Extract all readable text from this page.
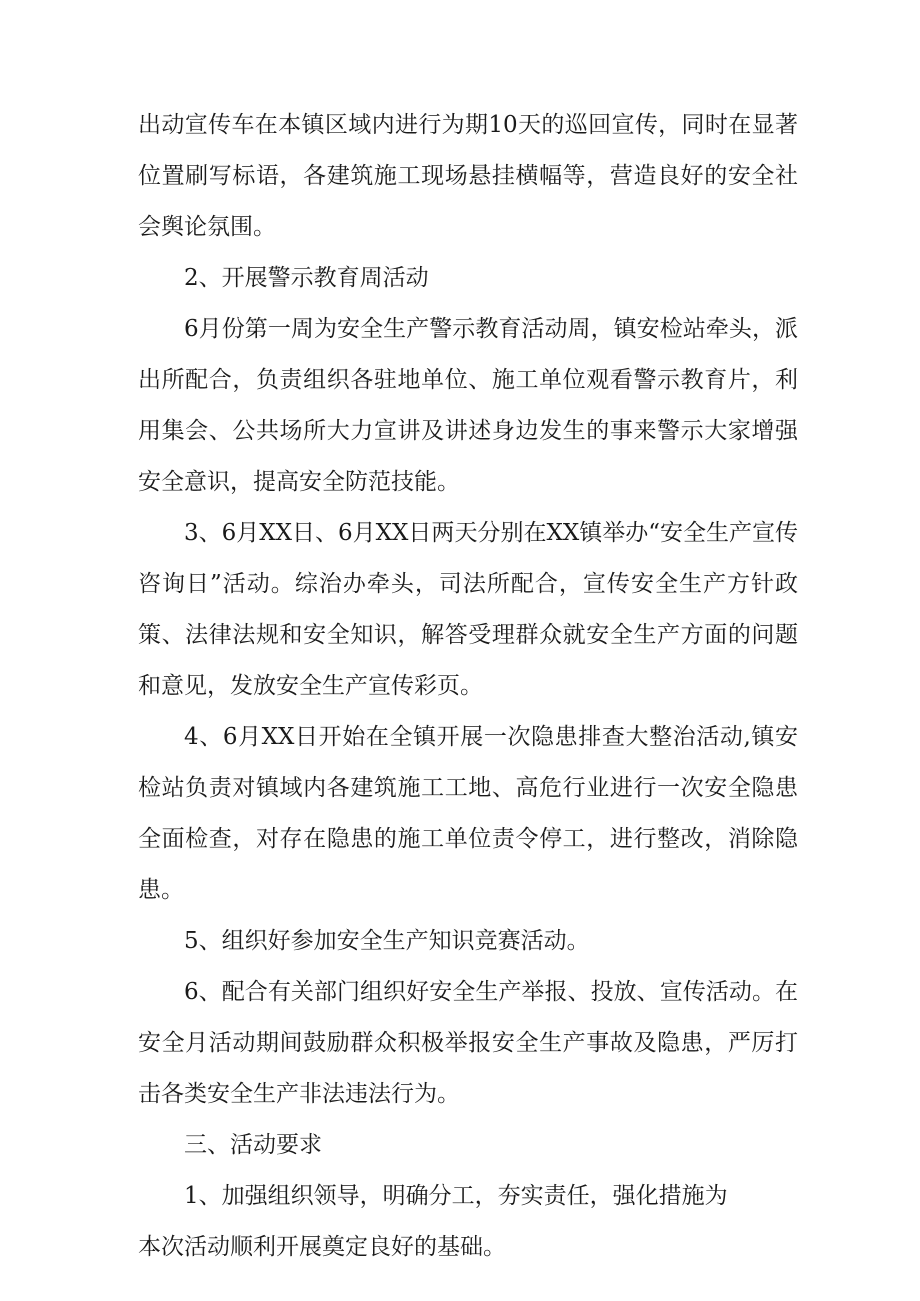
出动宣传车在本镇区域内进行为期10天的巡回宣传，同时在显著位置刷写标语，各建筑施工现场悬挂横幅等，营造良好的安全社会舆论氛围。

2、开展警示教育周活动

6月份第一周为安全生产警示教育活动周，镇安检站牵头，派出所配合，负责组织各驻地单位、施工单位观看警示教育片，利用集会、公共场所大力宣讲及讲述身边发生的事来警示大家增强安全意识，提高安全防范技能。

3、6月XX日、6月XX日两天分别在XX镇举办“安全生产宣传咨询日”活动。综治办牵头，司法所配合，宣传安全生产方针政策、法律法规和安全知识，解答受理群众就安全生产方面的问题和意见，发放安全生产宣传彩页。

4、6月XX日开始在全镇开展一次隐患排查大整治活动,镇安检站负责对镇域内各建筑施工工地、高危行业进行一次安全隐患全面检查，对存在隐患的施工单位责令停工，进行整改，消除隐患。

5、组织好参加安全生产知识竞赛活动。

6、配合有关部门组织好安全生产举报、投放、宣传活动。在安全月活动期间鼓励群众积极举报安全生产事故及隐患，严厉打击各类安全生产非法违法行为。

三、活动要求

1、加强组织领导，明确分工，夯实责任，强化措施为

本次活动顺利开展奠定良好的基础。
